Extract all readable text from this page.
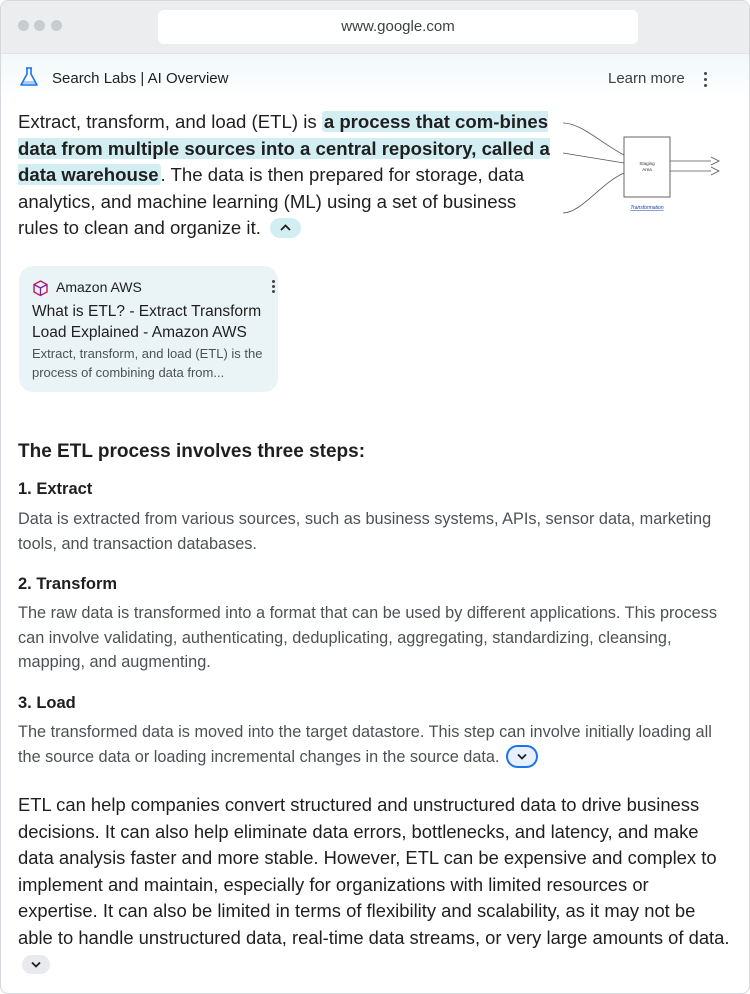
www.google.com
Search Labs | AI Overview	Learn more
Extract, transform, and load (ETL) is a process that com-bines data from multiple sources into a central repository, called a data warehouse . The data is then prepared for storage, data analytics, and machine learning (ML) using a set of business rules to clean and organize it.
Staging
Area
Transformation
Amazon AWS
What is ETL? - Extract Transform Load Explained - Amazon AWS
Extract, transform, and load (ETL) is the process of combining data from...
The ETL process involves three steps:
1. Extract
Data is extracted from various sources, such as business systems, APIs, sensor data, marketing tools, and transaction databases.
2. Transform
The raw data is transformed into a format that can be used by different applications. This process can involve validating, authenticating, deduplicating, aggregating, standardizing, cleansing, mapping, and augmenting.
3. Load
The transformed data is moved into the target datastore. This step can involve initially loading all the source data or loading incremental changes in the source data.
ETL can help companies convert structured and unstructured data to drive business decisions. It can also help eliminate data errors, bottlenecks, and latency, and make data analysis faster and more stable. However, ETL can be expensive and complex to implement and maintain, especially for organizations with limited resources or expertise. It can also be limited in terms of flexibility and scalability, as it may not be able to handle unstructured data, real-time data streams, or very large amounts of data.
